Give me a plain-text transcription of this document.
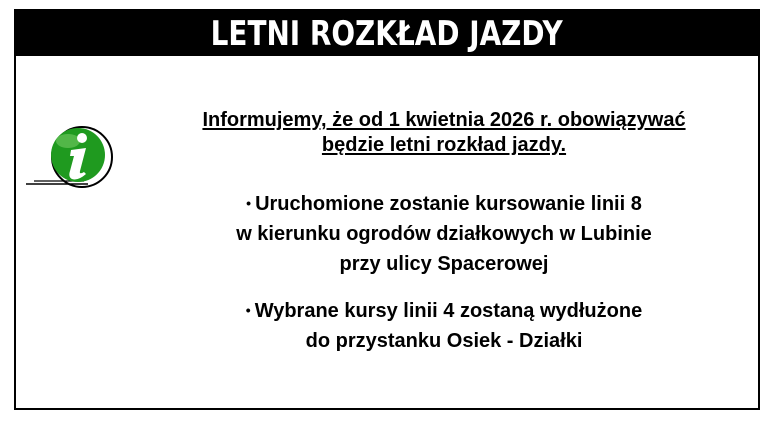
LETNI ROZKŁAD JAZDY
Informujemy, że od 1 kwietnia 2026 r. obowiązywać
będzie letni rozkład jazdy.
• Uruchomione zostanie kursowanie linii 8
w kierunku ogrodów działkowych w Lubinie
przy ulicy Spacerowej
• Wybrane kursy linii 4 zostaną wydłużone
do przystanku Osiek - Działki
